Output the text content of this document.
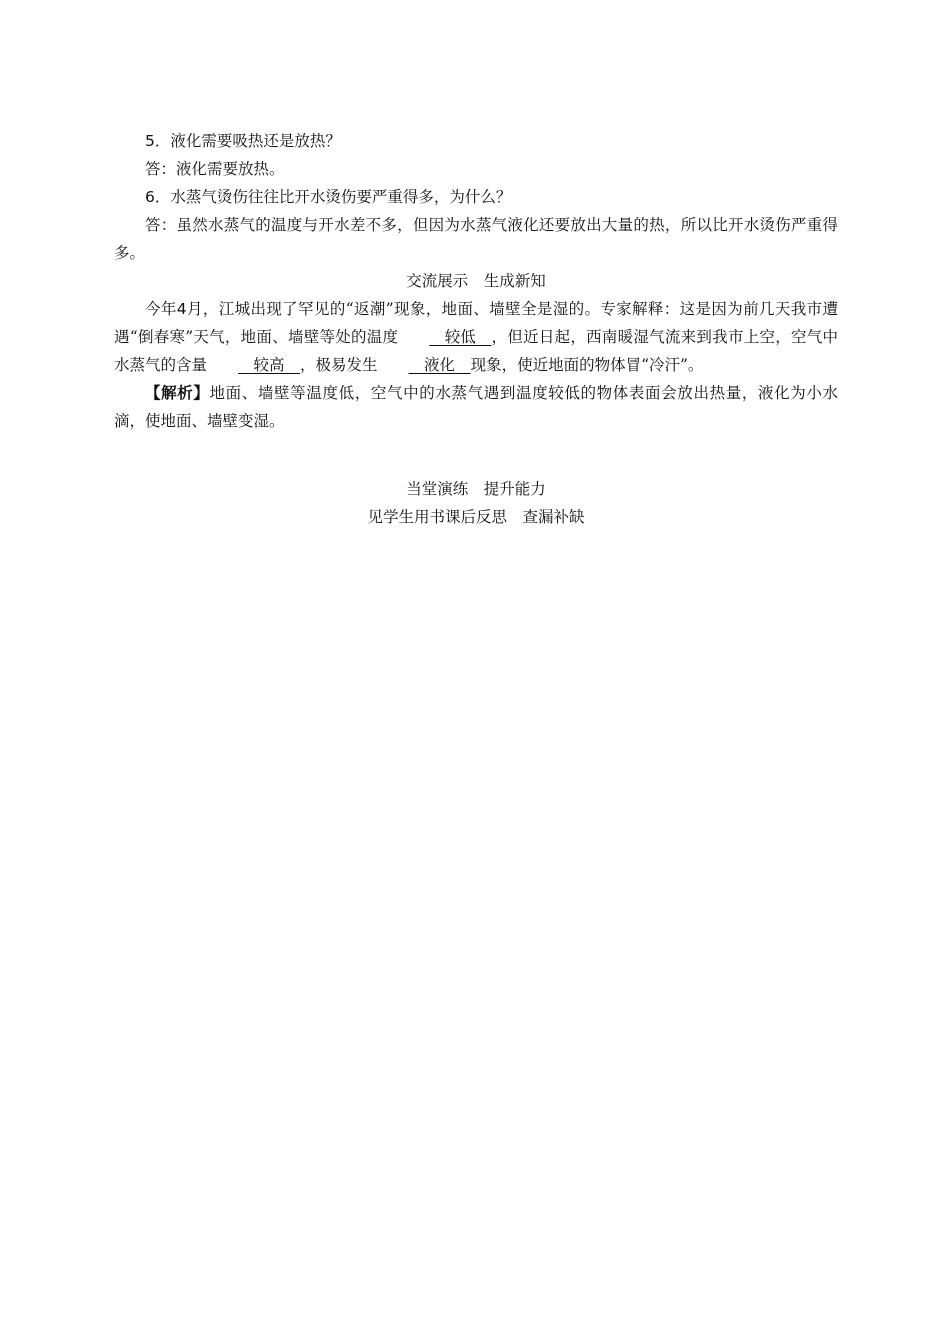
5．液化需要吸热还是放热？

答：液化需要放热。

6．水蒸气烫伤往往比开水烫伤要严重得多，为什么？

答：虽然水蒸气的温度与开水差不多，但因为水蒸气液化还要放出大量的热，所以比开水烫伤严重得多。

交流展示　生成新知

今年4月，江城出现了罕见的“返潮”现象，地面、墙壁全是湿的。专家解释：这是因为前几天我市遭遇“倒春寒”天气，地面、墙壁等处的温度　较低　，但近日起，西南暖湿气流来到我市上空，空气中水蒸气的含量　较高　，极易发生　液化　现象，使近地面的物体冒“冷汗”。

【解析】地面、墙壁等温度低，空气中的水蒸气遇到温度较低的物体表面会放出热量，液化为小水滴，使地面、墙壁变湿。

当堂演练　提升能力

见学生用书课后反思　查漏补缺
